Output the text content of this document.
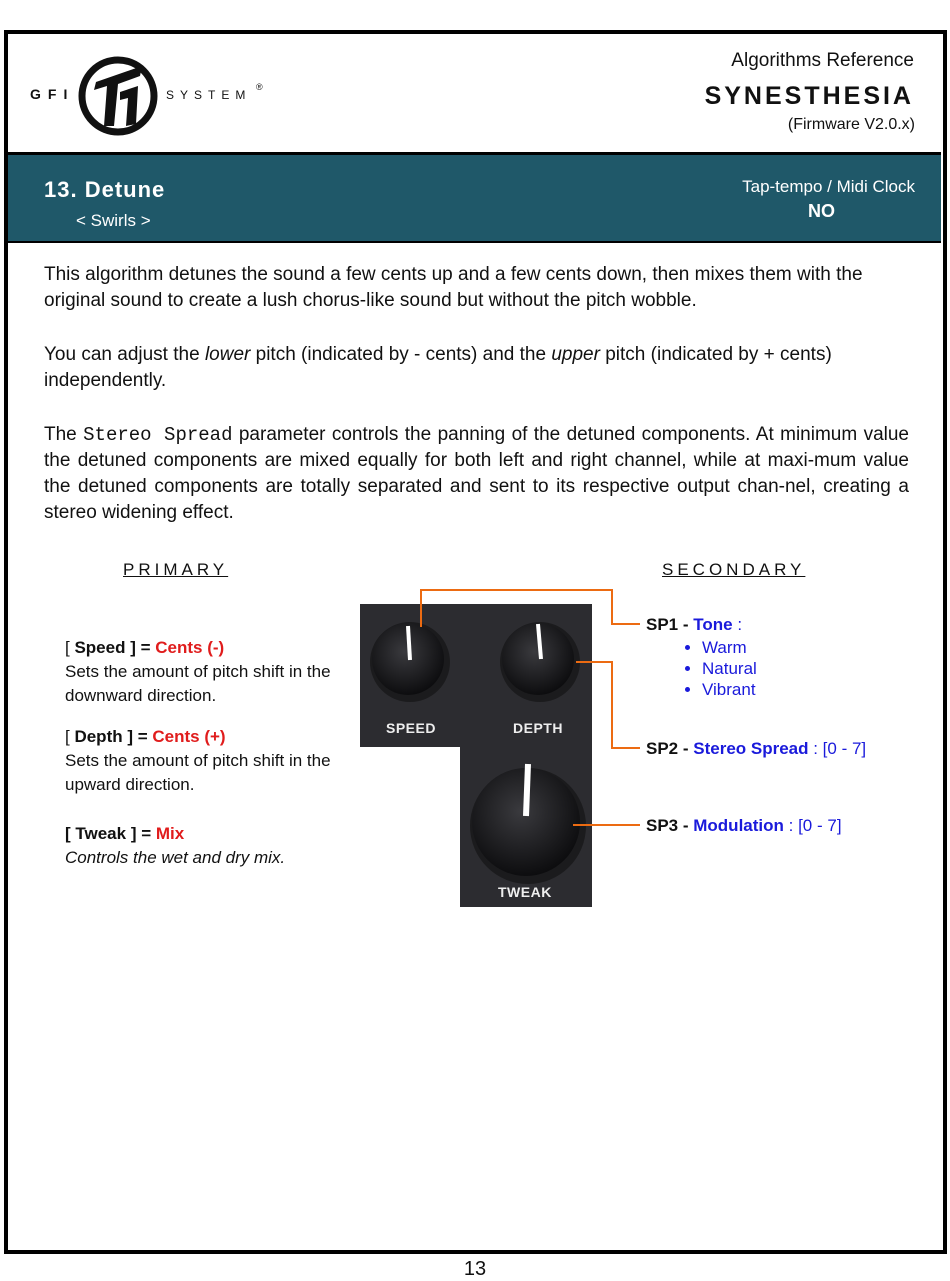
GFI	SYSTEM
®
Algorithms Reference
SYNESTHESIA
(Firmware V2.0.x)
13. Detune
< Swirls >
Tap-tempo / Midi Clock
NO

This algorithm detunes the sound a few cents up and a few cents down, then mixes them with the original sound to create a lush chorus-like sound but without the pitch wobble.

You can adjust the lower pitch (indicated by - cents) and the upper pitch (indicated by + cents) independently.

The Stereo Spread parameter controls the panning of the detuned components. At minimum value the detuned components are mixed equally for both left and right channel, while at maxi-mum value the detuned components are totally separated and sent to its respective output chan-nel, creating a stereo widening effect.

PRIMARY	SECONDARY
[ Speed ] = Cents (-)
Sets the amount of pitch shift in the downward direction.
[ Depth ] = Cents (+)
Sets the amount of pitch shift in the upward direction.
[ Tweak ] = Mix
Controls the wet and dry mix.
SPEED	DEPTH
TWEAK
SP1 - Tone :
• Warm
• Natural
• Vibrant
SP2 - Stereo Spread : [0 - 7]
SP3 - Modulation : [0 - 7]
13
